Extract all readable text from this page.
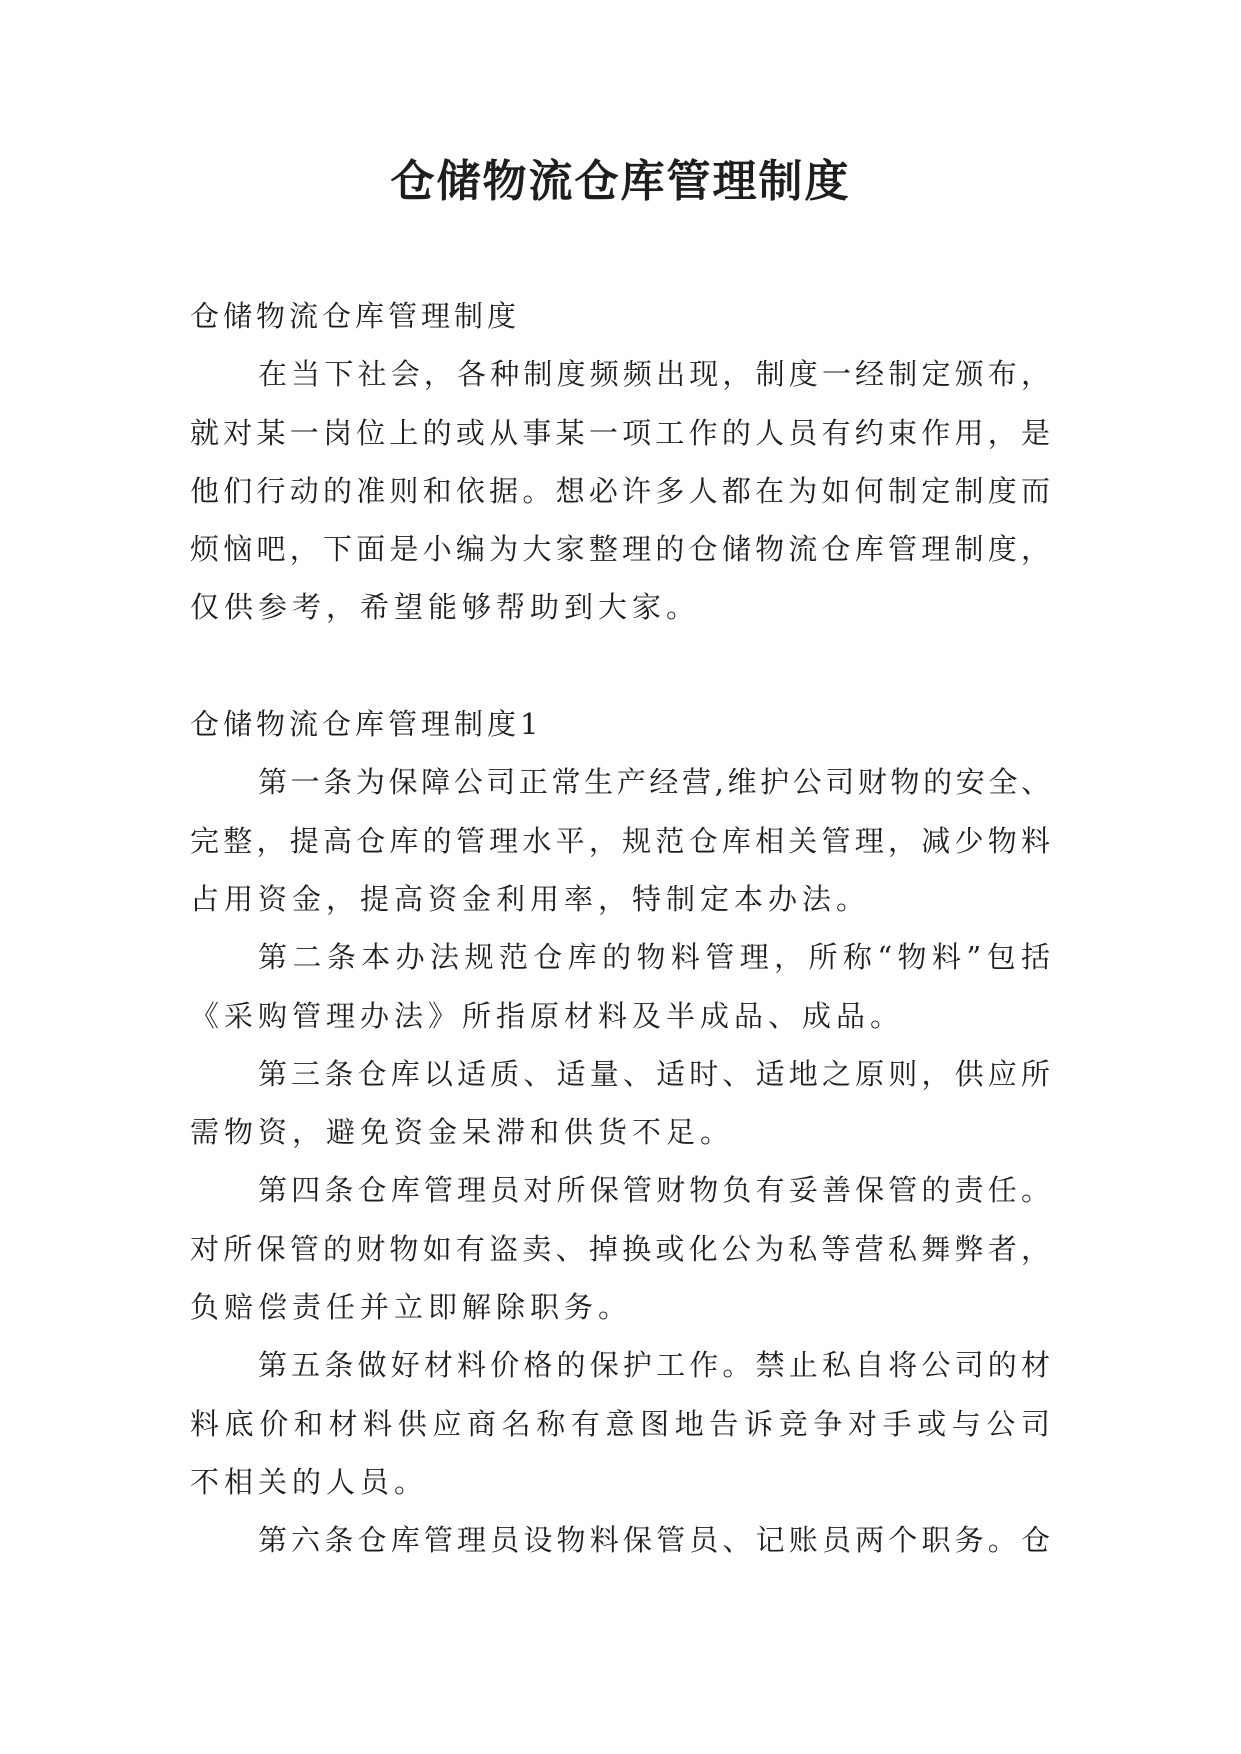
仓储物流仓库管理制度
仓储物流仓库管理制度
在当下社会，各种制度频频出现，制度一经制定颁布，
就对某一岗位上的或从事某一项工作的人员有约束作用，是
他们行动的准则和依据。想必许多人都在为如何制定制度而
烦恼吧，下面是小编为大家整理的仓储物流仓库管理制度，
仅供参考，希望能够帮助到大家。
仓储物流仓库管理制度1
第一条为保障公司正常生产经营,维护公司财物的安全、
完整，提高仓库的管理水平，规范仓库相关管理，减少物料
占用资金，提高资金利用率，特制定本办法。
第二条本办法规范仓库的物料管理，所称“物料”包括
《采购管理办法》所指原材料及半成品、成品。
第三条仓库以适质、适量、适时、适地之原则，供应所
需物资，避免资金呆滞和供货不足。
第四条仓库管理员对所保管财物负有妥善保管的责任。
对所保管的财物如有盗卖、掉换或化公为私等营私舞弊者，
负赔偿责任并立即解除职务。
第五条做好材料价格的保护工作。禁止私自将公司的材
料底价和材料供应商名称有意图地告诉竞争对手或与公司
不相关的人员。
第六条仓库管理员设物料保管员、记账员两个职务。仓
